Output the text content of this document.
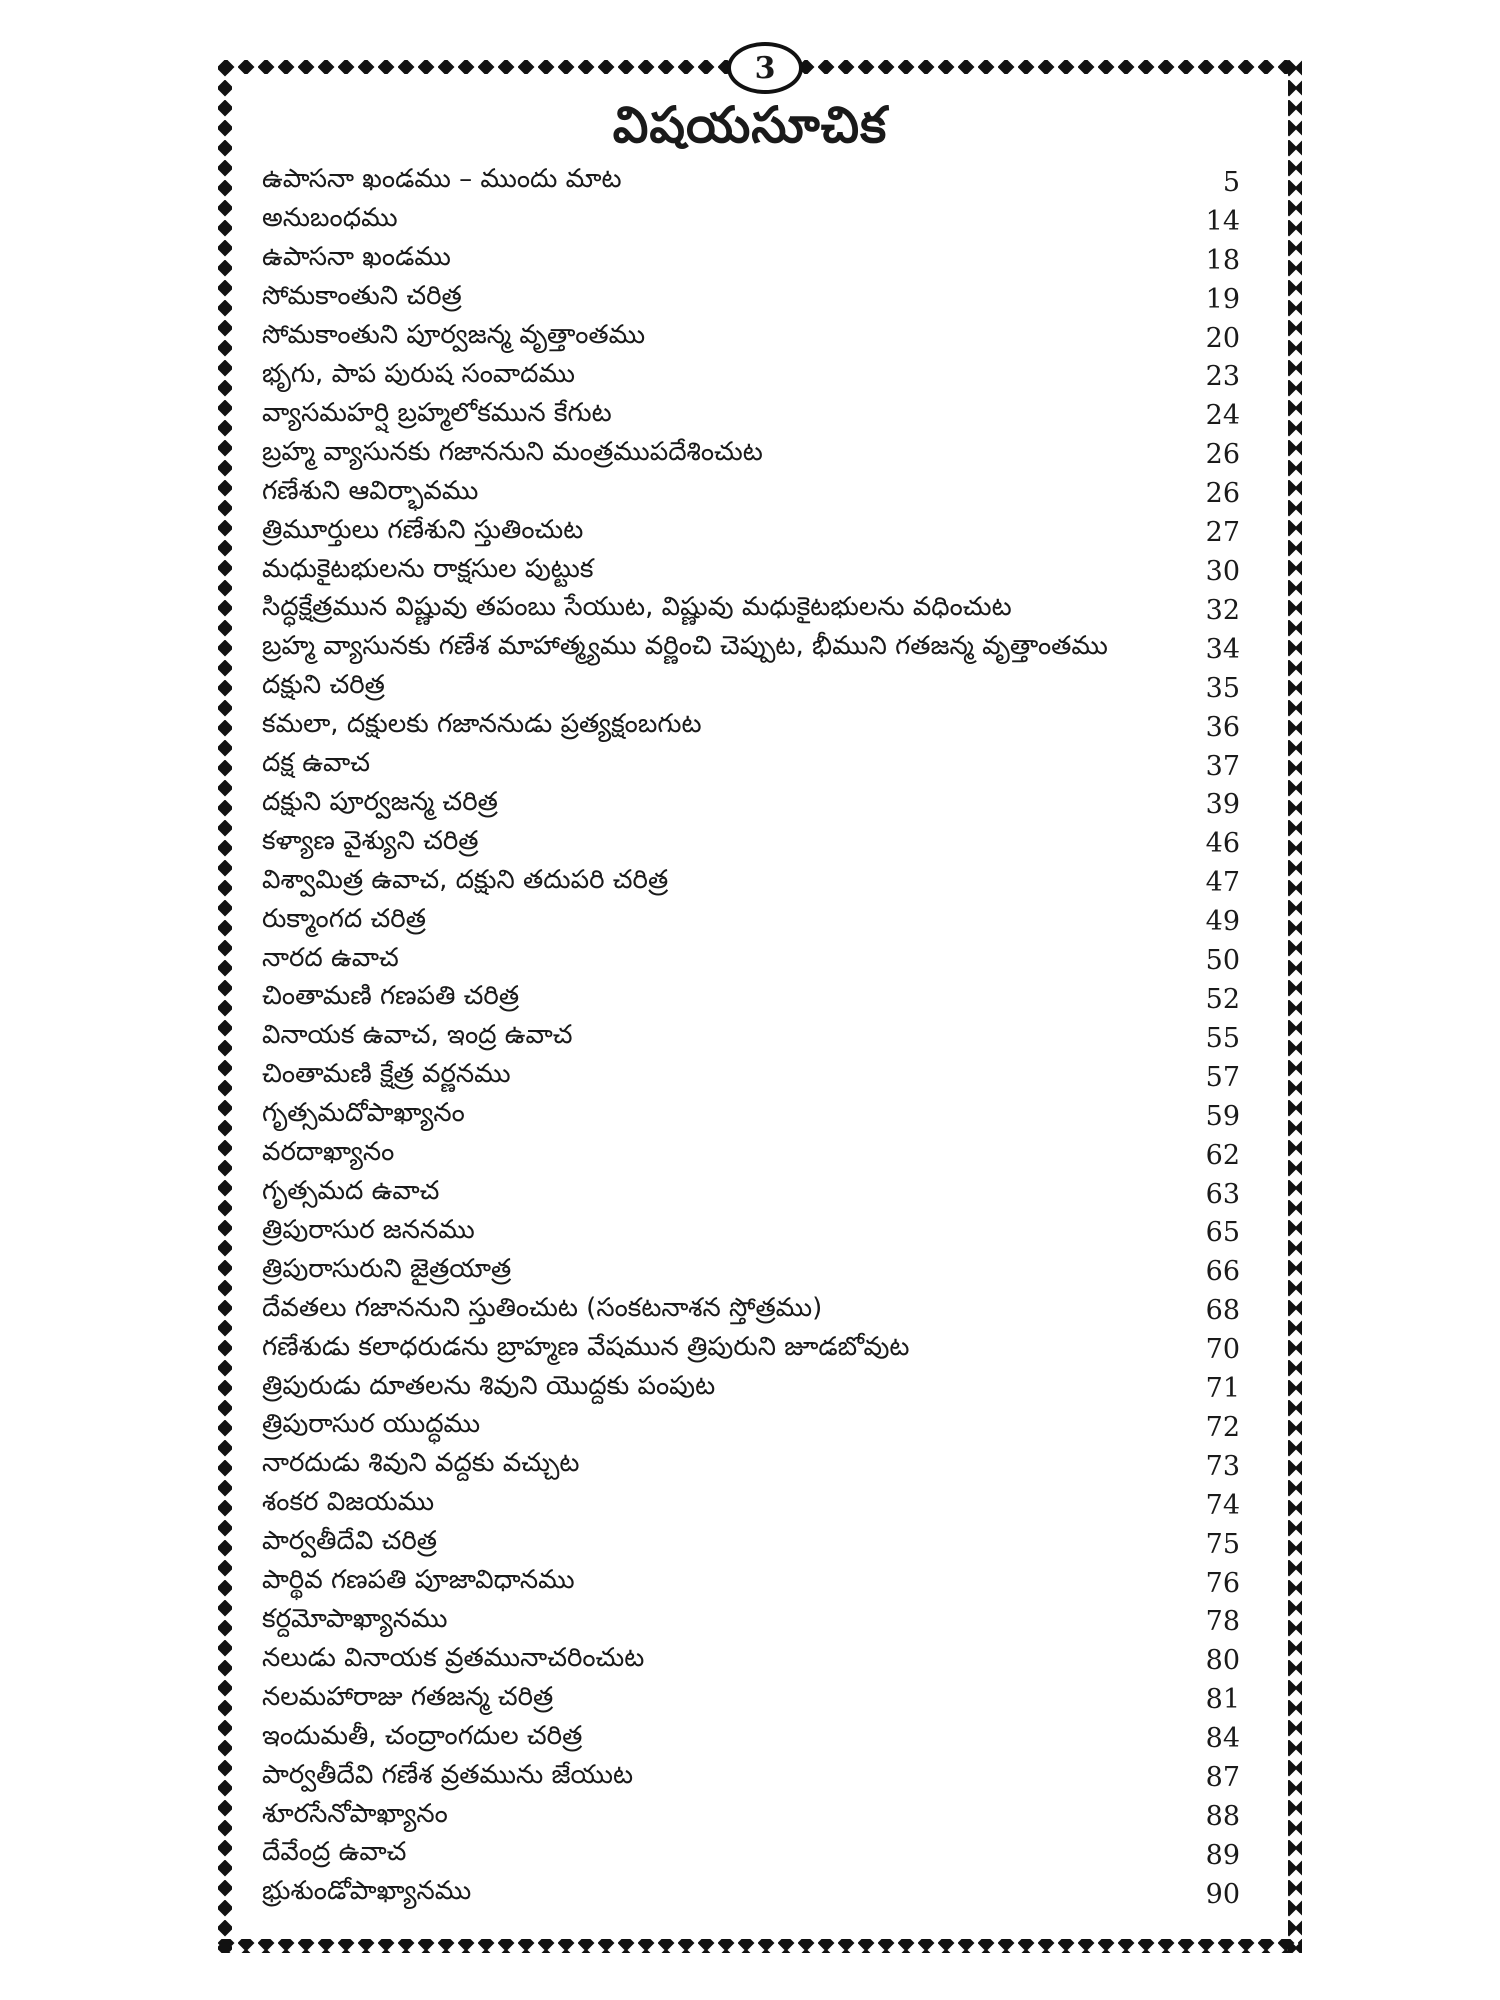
3
విషయసూచిక
ఉపాసనా ఖండము – ముందు మాట	5
అనుబంధము	14
ఉపాసనా ఖండము	18
సోమకాంతుని చరిత్ర	19
సోమకాంతుని పూర్వజన్మ వృత్తాంతము	20
భృగు, పాప పురుష సంవాదము	23
వ్యాసమహర్షి బ్రహ్మలోకమున కేగుట	24
బ్రహ్మ వ్యాసునకు గజాననుని మంత్రముపదేశించుట	26
గణేశుని ఆవిర్భావము	26
త్రిమూర్తులు గణేశుని స్తుతించుట	27
మధుకైటభులను రాక్షసుల పుట్టుక	30
సిద్ధక్షేత్రమున విష్ణువు తపంబు సేయుట, విష్ణువు మధుకైటభులను వధించుట	32
బ్రహ్మ వ్యాసునకు గణేశ మాహాత్మ్యము వర్ణించి చెప్పుట, భీముని గతజన్మ వృత్తాంతము	34
దక్షుని చరిత్ర	35
కమలా, దక్షులకు గజాననుడు ప్రత్యక్షంబగుట	36
దక్ష ఉవాచ	37
దక్షుని పూర్వజన్మ చరిత్ర	39
కళ్యాణ వైశ్యుని చరిత్ర	46
విశ్వామిత్ర ఉవాచ, దక్షుని తదుపరి చరిత్ర	47
రుక్మాంగద చరిత్ర	49
నారద ఉవాచ	50
చింతామణి గణపతి చరిత్ర	52
వినాయక ఉవాచ, ఇంద్ర ఉవాచ	55
చింతామణి క్షేత్ర వర్ణనము	57
గృత్సమదోపాఖ్యానం	59
వరదాఖ్యానం	62
గృత్సమద ఉవాచ	63
త్రిపురాసుర జననము	65
త్రిపురాసురుని జైత్రయాత్ర	66
దేవతలు గజాననుని స్తుతించుట (సంకటనాశన స్తోత్రము)	68
గణేశుడు కలాధరుడను బ్రాహ్మణ వేషమున త్రిపురుని జూడబోవుట	70
త్రిపురుడు దూతలను శివుని యొద్దకు పంపుట	71
త్రిపురాసుర యుద్ధము	72
నారదుడు శివుని వద్దకు వచ్చుట	73
శంకర విజయము	74
పార్వతీదేవి చరిత్ర	75
పార్థివ గణపతి పూజావిధానము	76
కర్దమోపాఖ్యానము	78
నలుడు వినాయక వ్రతమునాచరించుట	80
నలమహారాజు గతజన్మ చరిత్ర	81
ఇందుమతీ, చంద్రాంగదుల చరిత్ర	84
పార్వతీదేవి గణేశ వ్రతమును జేయుట	87
శూరసేనోపాఖ్యానం	88
దేవేంద్ర ఉవాచ	89
భ్రుశుండోపాఖ్యానము	90
